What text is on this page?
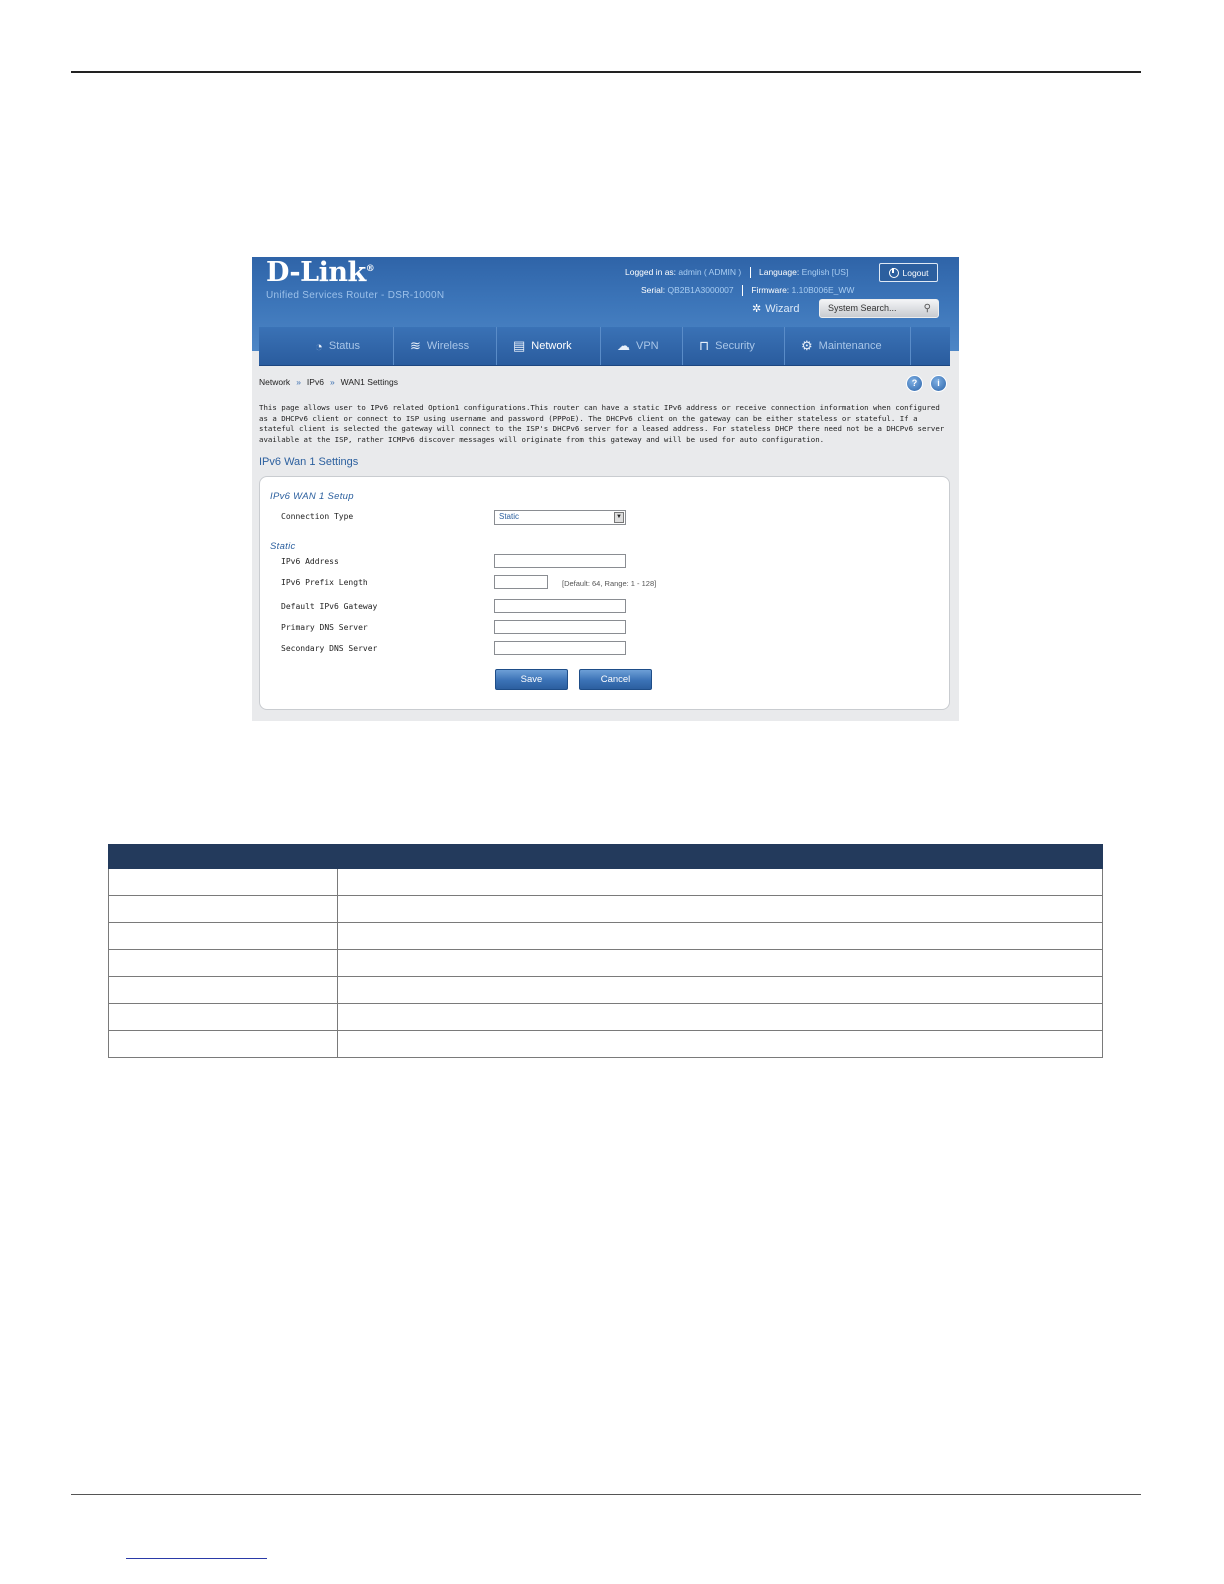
D-Link®
Unified Services Router - DSR-1000N
Logged in as: admin ( ADMIN ) Language: English [US]	Logout
Serial: QB2B1A3000007 Firmware: 1.10B006E_WW
✲ Wizard	System Search...	⚲
◔ Status	≋ Wireless	▤ Network	☁ VPN	⊓ Security	⚙ Maintenance
Network » IPv6 » WAN1 Settings	?	i
This page allows user to IPv6 related Option1 configurations.This router can have a static IPv6 address or receive connection information when configured as a DHCPv6 client or connect to ISP using username and password (PPPoE). The DHCPv6 client on the gateway can be either stateless or stateful. If a stateful client is selected the gateway will connect to the ISP's DHCPv6 server for a leased address. For stateless DHCP there need not be a DHCPv6 server available at the ISP, rather ICMPv6 discover messages will originate from this gateway and will be used for auto configuration.
IPv6 Wan 1 Settings
IPv6 WAN 1 Setup
Connection Type	Static	▼
Static
IPv6 Address
IPv6 Prefix Length	[Default: 64, Range: 1 - 128]
Default IPv6 Gateway
Primary DNS Server
Secondary DNS Server
Save	Cancel
